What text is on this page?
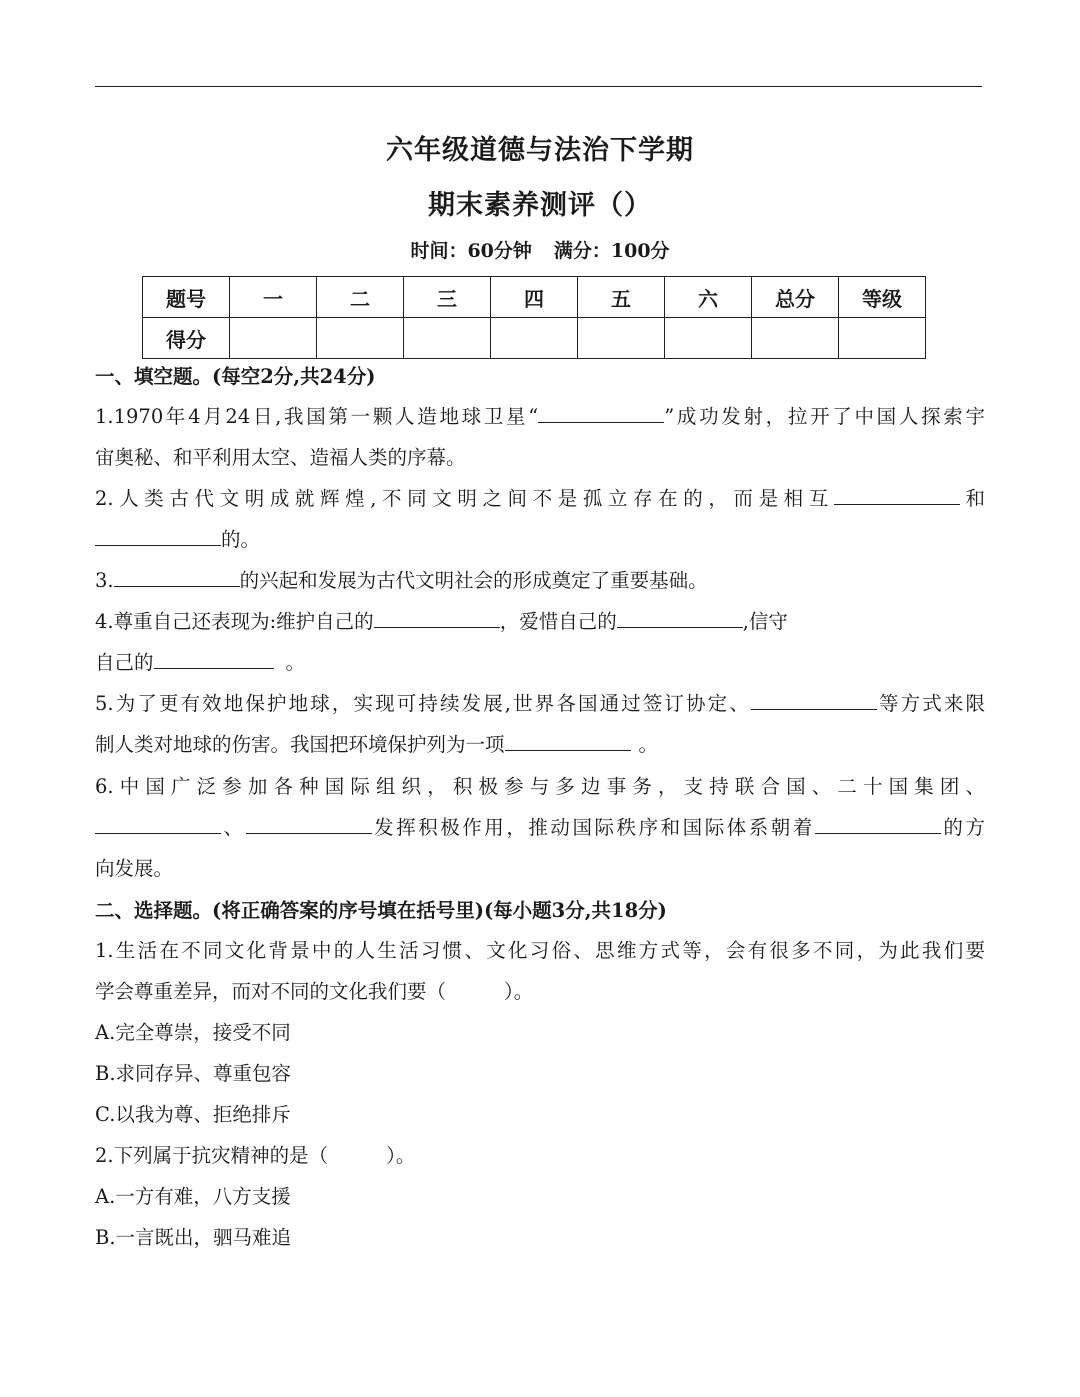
六年级道德与法治下学期
期末素养测评（）
时间：60分钟 满分：100分
题号	一	二	三	四	五	六	总分	等级
得分								
一、填空题。(每空2分,共24分)
1.1970年4月24日,我国第一颗人造地球卫星“	”成功发射，拉开了中国人探索宇
宙奥秘、和平利用太空、造福人类的序幕。
2.人类古代文明成就辉煌,不同文明之间不是孤立存在的，而是相互	和
的。
3.	的兴起和发展为古代文明社会的形成奠定了重要基础。
4.尊重自己还表现为:维护自己的	，爱惜自己的	,信守
自己的	。
5.为了更有效地保护地球，实现可持续发展,世界各国通过签订协定、	等方式来限
制人类对地球的伤害。我国把环境保护列为一项	。
6.中国广泛参加各种国际组织，积极参与多边事务，支持联合国、二十国集团、
、	发挥积极作用，推动国际秩序和国际体系朝着	的方
向发展。
二、选择题。(将正确答案的序号填在括号里)(每小题3分,共18分)
1.生活在不同文化背景中的人生活习惯、文化习俗、思维方式等，会有很多不同，为此我们要
学会尊重差异，而对不同的文化我们要（	）。
A.完全尊崇，接受不同
B.求同存异、尊重包容
C.以我为尊、拒绝排斥
2.下列属于抗灾精神的是（	）。
A.一方有难，八方支援
B.一言既出，驷马难追
